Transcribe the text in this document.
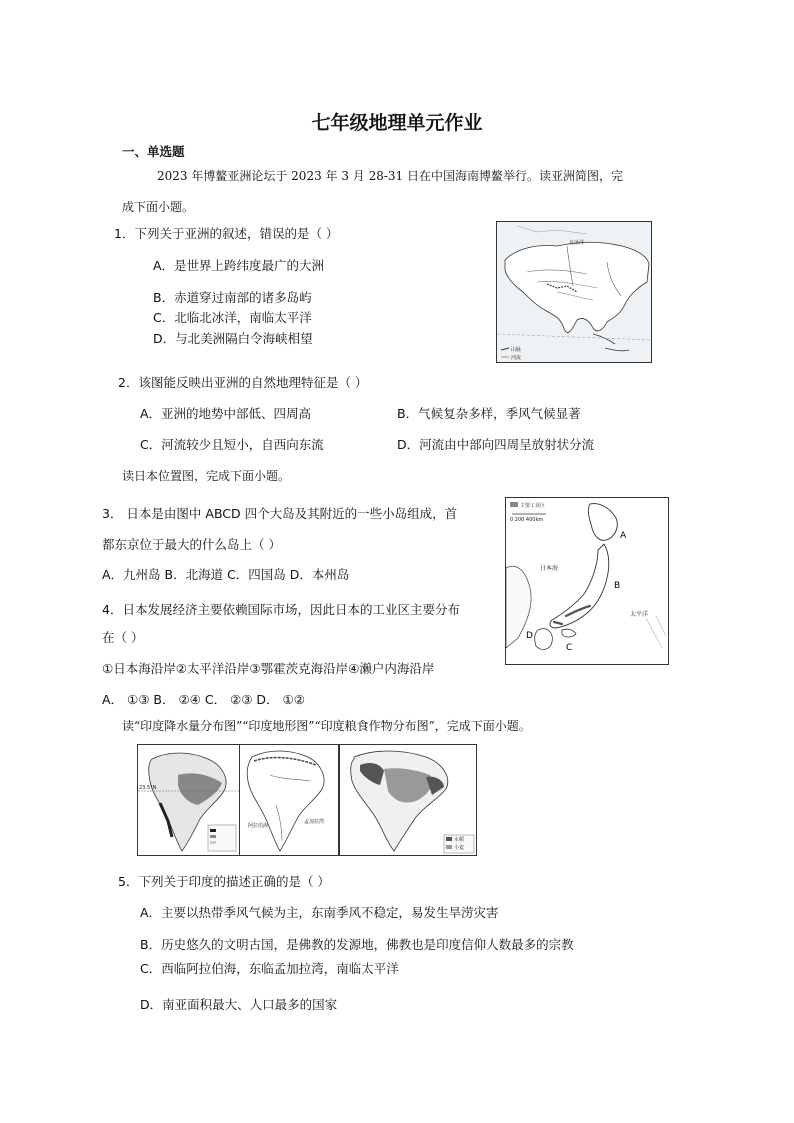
七年级地理单元作业
一、单选题
2023 年博鳌亚洲论坛于 2023 年 3 月 28-31 日在中国海南博鳌举行。读亚洲简图，完
成下面小题。
1．下列关于亚洲的叙述，错误的是（ ）
A．是世界上跨纬度最广的大洲
B．赤道穿过南部的诸多岛屿
C．北临北冰洋，南临太平洋
D．与北美洲隔白令海峡相望
北冰洋
山脉
河流
2．该图能反映出亚洲的自然地理特征是（ ）
A．亚洲的地势中部低、四周高	B．气候复杂多样，季风气候显著
C．河流较少且短小，自西向东流	D．河流由中部向四周呈放射状分流
读日本位置图，完成下面小题。
3． 日本是由图中 ABCD 四个大岛及其附近的一些小岛组成，首
都东京位于最大的什么岛上（ ）
A．九州岛 B．北海道 C．四国岛 D．本州岛
主要工业区
0 200 400km
日本海
太平洋
A
B
C
D
4．日本发展经济主要依赖国际市场，因此日本的工业区主要分布
在（ ）
①日本海沿岸②太平洋沿岸③鄂霍茨克海沿岸④濑户内海沿岸
A． ①③ B． ②④ C． ②③ D． ①②
读“印度降水量分布图”“印度地形图”“印度粮食作物分布图”，完成下面小题。
23.5°N
阿拉伯海
孟加拉湾
水稻
小麦
5．下列关于印度的描述正确的是（ ）
A．主要以热带季风气候为主，东南季风不稳定，易发生旱涝灾害
B．历史悠久的文明古国，是佛教的发源地，佛教也是印度信仰人数最多的宗教
C．西临阿拉伯海，东临孟加拉湾，南临太平洋
D．南亚面积最大、人口最多的国家
